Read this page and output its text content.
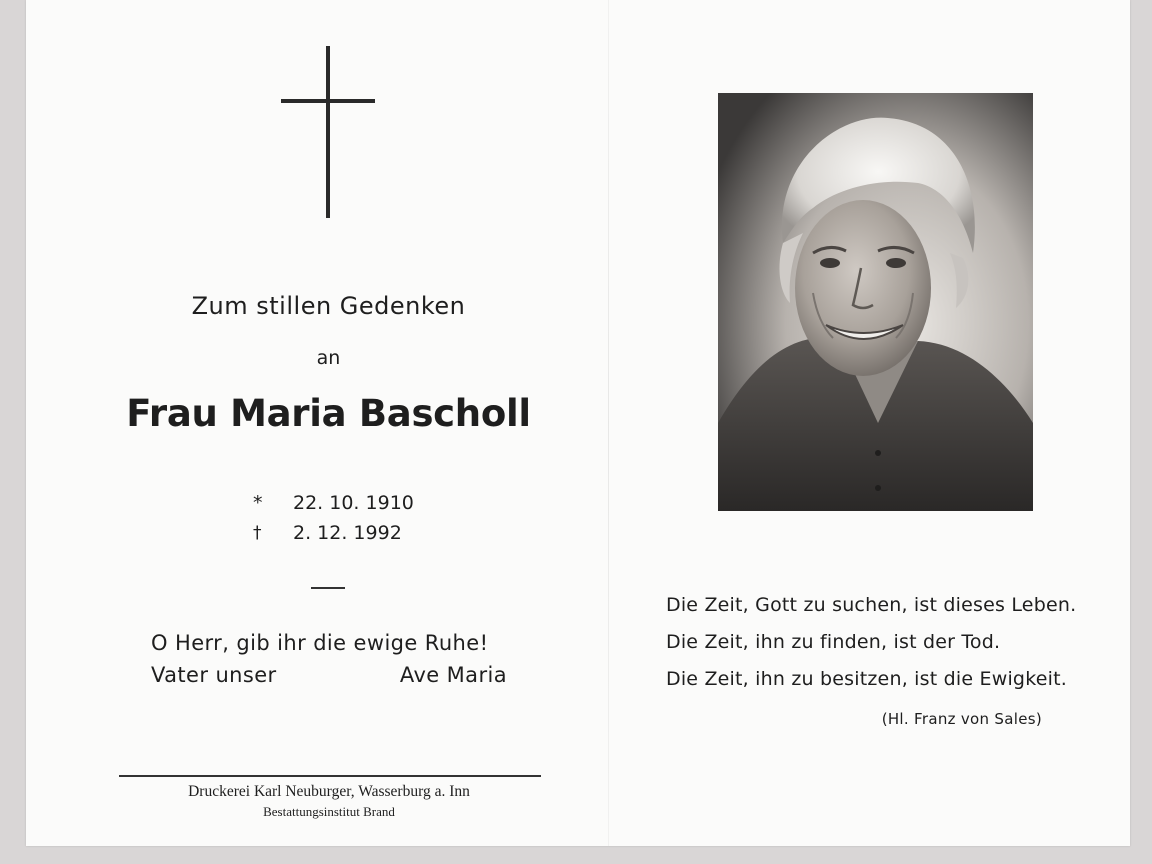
Zum stillen Gedenken
an
Frau Maria Bascholl
*	22. 10. 1910
†	2. 12. 1992
O Herr, gib ihr die ewige Ruhe!
Vater unser	Ave Maria
Druckerei Karl Neuburger, Wasserburg a. Inn
Bestattungsinstitut Brand
Die Zeit, Gott zu suchen, ist dieses Leben.
Die Zeit, ihn zu finden, ist der Tod.
Die Zeit, ihn zu besitzen, ist die Ewigkeit.
(Hl. Franz von Sales)
